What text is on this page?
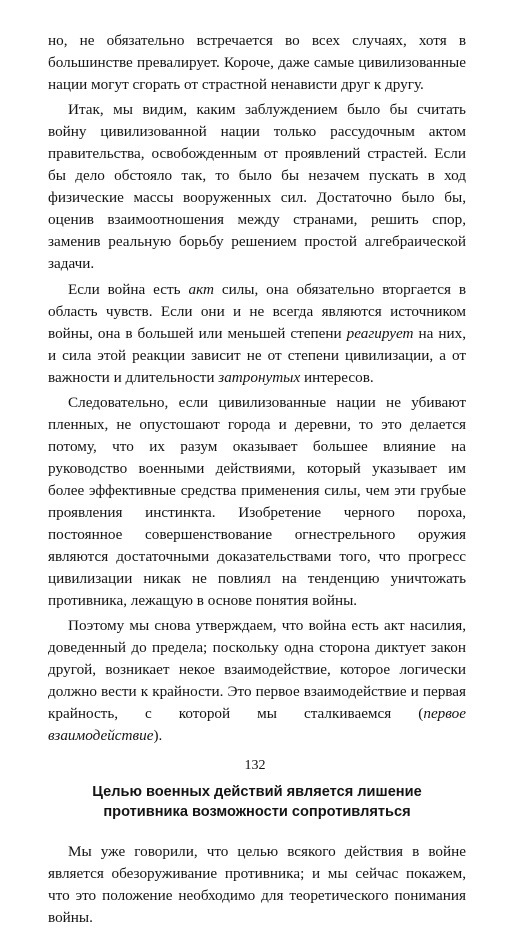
но, не обязательно встречается во всех случаях, хотя в большинстве превалирует. Короче, даже самые цивилизованные нации могут сгорать от страстной ненависти друг к другу.

Итак, мы видим, каким заблуждением было бы считать войну цивилизованной нации только рассудочным актом правительства, освобожденным от проявлений страстей. Если бы дело обстояло так, то было бы незачем пускать в ход физические массы вооруженных сил. Достаточно было бы, оценив взаимоотношения между странами, решить спор, заменив реальную борьбу решением простой алгебраической задачи.

Если война есть акт силы, она обязательно вторгается в область чувств. Если они и не всегда являются источником войны, она в большей или меньшей степени реагирует на них, и сила этой реакции зависит не от степени цивилизации, а от важности и длительности затронутых интересов.

Следовательно, если цивилизованные нации не убивают пленных, не опустошают города и деревни, то это делается потому, что их разум оказывает большее влияние на руководство военными действиями, который указывает им более эффективные средства применения силы, чем эти грубые проявления инстинкта. Изобретение черного пороха, постоянное совершенствование огнестрельного оружия являются достаточными доказательствами того, что прогресс цивилизации никак не повлиял на тенденцию уничтожать противника, лежащую в основе понятия войны.

Поэтому мы снова утверждаем, что война есть акт насилия, доведенный до предела; поскольку одна сторона диктует закон другой, возникает некое взаимодействие, которое логически должно вести к крайности. Это первое взаимодействие и первая крайность, с которой мы сталкиваемся (первое взаимодействие).

Целью военных действий является лишение
противника возможности сопротивляться

Мы уже говорили, что целью всякого действия в войне является обезоруживание противника; и мы сейчас покажем, что это положение необходимо для теоретического понимания войны.

132
